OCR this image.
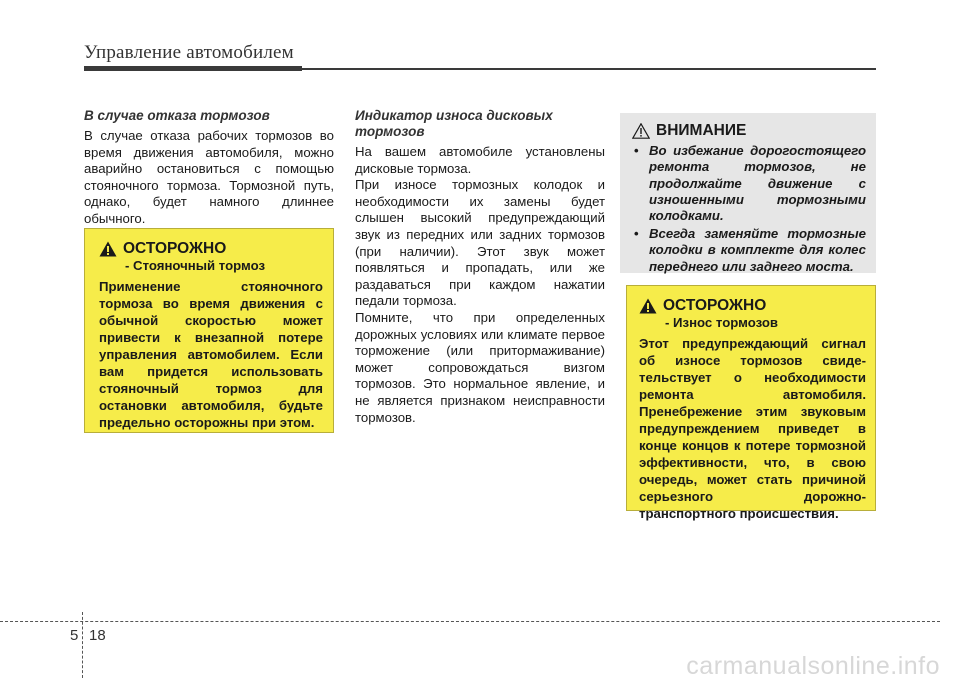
Управление автомобилем
В случае отказа тормозов

В случае отказа рабочих тормозов во время движения автомобиля, можно аварийно остановиться с помощью стояночного тормоза. Тормозной путь, однако, будет намного длиннее обычного.

ОСТОРОЖНО
- Стояночный тормоз

Применение стояночного тормоза во время движения с обычной скоростью может привести к внезапной потере управления автомобилем. Если вам придется использовать стояночный тормоз для остановки автомобиля, будьте предельно осторожны при этом.

Индикатор износа дисковых тормозов

На вашем автомобиле установлены дисковые тормоза.

При износе тормозных колодок и необходимости их замены будет слышен высокий предупреждающий звук из передних или задних тормозов (при наличии). Этот звук может появляться и пропадать, или же раздаваться при каждом нажатии педали тормоза.

Помните, что при определенных дорожных условиях или климате первое торможение (или притормаживание) может сопровождаться визгом тормозов. Это нормальное явление, и не является признаком неисправности тормозов.

ВНИМАНИЕ
• Во избежание дорогостоящего ремонта тормозов, не продолжайте движение с изношенными тормозными колодками.
• Всегда заменяйте тормозные колодки в комплекте для колес переднего или заднего моста.
ОСТОРОЖНО
- Износ тормозов

Этот предупреждающий сигнал об износе тормозов свиде-тельствует о необходимости ремонта автомобиля. Пренебрежение этим звуковым предупреждением приведет в конце концов к потере тормозной эффективности, что, в свою очередь, может стать причиной серьезного дорожно-транспортного происшествия.

5 18
carmanualsonline.info
